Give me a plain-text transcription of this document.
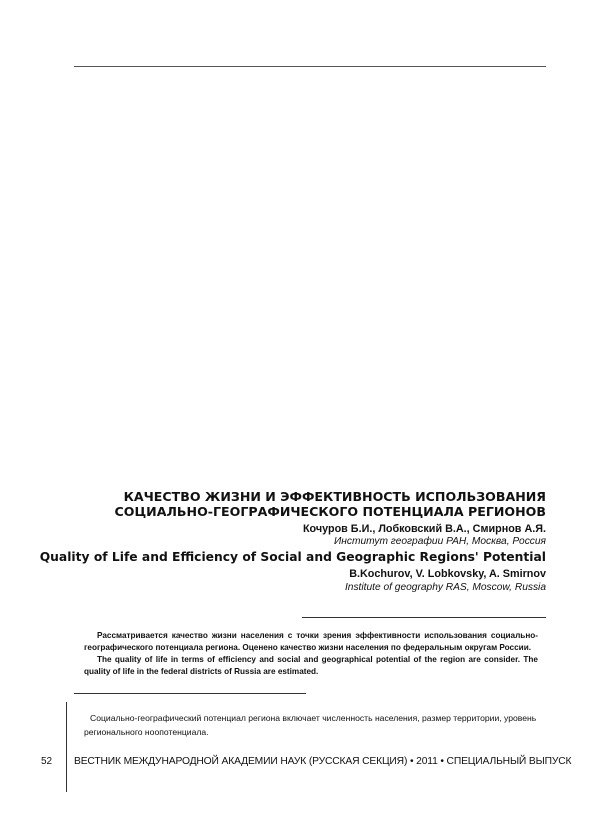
КАЧЕСТВО ЖИЗНИ И ЭФФЕКТИВНОСТЬ ИСПОЛЬЗОВАНИЯ
СОЦИАЛЬНО-ГЕОГРАФИЧЕСКОГО ПОТЕНЦИАЛА РЕГИОНОВ
Кочуров Б.И., Лобковский В.А., Смирнов А.Я.
Институт географии РАН, Москва, Россия
Quality of Life and Efficiency of Social and Geographic Regions' Potential
B.Kochurov, V. Lobkovsky, A. Smirnov
Institute of geography RAS, Moscow, Russia

Рассматривается качество жизни населения с точки зрения эффективности использования социально-географического потенциала региона. Оценено качество жизни населения по федеральным округам России.

The quality of life in terms of efficiency and social and geographical potential of the region are consider. The quality of life in the federal districts of Russia are estimated.

Социально-географический потенциал региона включает численность населения, размер территории, уровень регионального ноопотенциала.

52 ВЕСТНИК МЕЖДУНАРОДНОЙ АКАДЕМИИ НАУК (РУССКАЯ СЕКЦИЯ) • 2011 • СПЕЦИАЛЬНЫЙ ВЫПУСК
